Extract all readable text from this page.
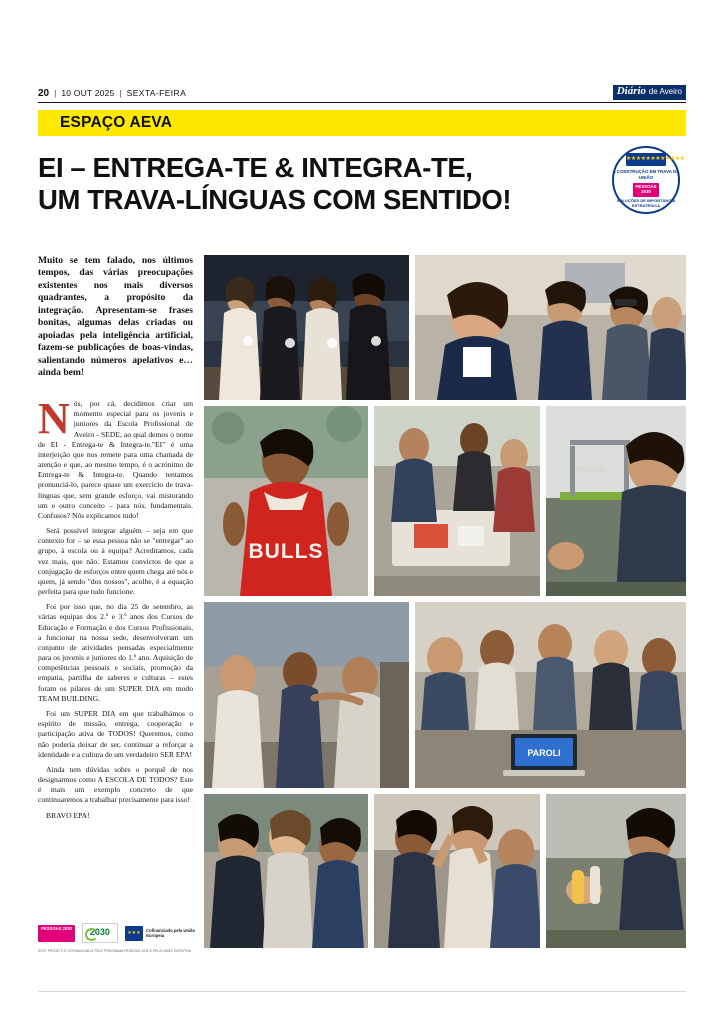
20 | 10 OUT 2025 | SEXTA-FEIRA	Diário de Aveiro
ESPAÇO AEVA
EI – ENTREGA-TE & INTEGRA-TE,
UM TRAVA-LÍNGUAS COM SENTIDO!
★★★★★★★★★★★★
A CONSTRUÇÃO EM TRAVA DA UNIÃO
PESSOAS 2030
SOLUÇÕES DE IMPORTÂNCIA ESTRATÉGICA
Muito se tem falado, nos últimos tempos, das várias preocupações existentes nos mais diversos quadrantes, a propósito da integração. Apresentam-se frases bonitas, algumas delas criadas ou apoiadas pela inteligência artificial, fazem-se publicações de boas-vindas, salientando números apelativos e… ainda bem!

Nós, por cá, decidimos criar um momento especial para os jovenis e juniores da Escola Profissional de Aveiro - SEDE, ao qual demos o nome de EI - Entrega-te & Integra-te."EI" é uma interjeição que nos remete para uma chamada de atenção e que, ao mesmo tempo, é o acrónimo de Entrega-te & Integra-te. Quando tentamos pronunciá-lo, parece quase um exercício de trava-línguas que, sem grande esforço, vai misturando um e outro conceito – para nós, fundamentais. Confusos? Nós explicamos tudo!

Será possível integrar alguém – seja em que contexto for – se essa pessoa não se "entregar" ao grupo, à escola ou à equipa? Acreditamos, cada vez mais, que não. Estamos convictos de que a conjugação de esforços entre quem chega até nós e quem, já sendo "dos nossos", acolhe, é a equação perfeita para que tudo funcione.

Foi por isso que, no dia 25 de setembro, as várias equipas dos 2.º e 3.º anos dos Cursos de Educação e Formação e dos Cursos Profissionais, a funcionar na nossa sede, desenvolveram um conjunto de atividades pensadas especialmente para os juvenis e juniores do 1.º ano. Aquisição de competências pessoais e sociais, promoção da empatia, partilha de saberes e culturas – estes foram os pilares de um SUPER DIA em modo TEAM BUILDING.

Foi um SUPER DIA em que trabalhámos o espírito de missão, entrega, cooperação e participação ativa de TODOS! Queremos, como não poderia deixar de ser, continuar a reforçar a identidade e a cultura de um verdadeiro SER EPA!

Ainda tem dúvidas sobre o porquê de nos designarmos como A ESCOLA DE TODOS? Este é mais um exemplo concreto de que continuaremos a trabalhar precisamente para isso!

BRAVO EPA!

PESSOAS 2030	2030	★★★	Cofinanciado pela União Europeia
ESTE PROJETO É COFINANCIADO PELO PROGRAMA PESSOAS 2030 E PELA UNIÃO EUROPEIA
BULLS
PAROLI
